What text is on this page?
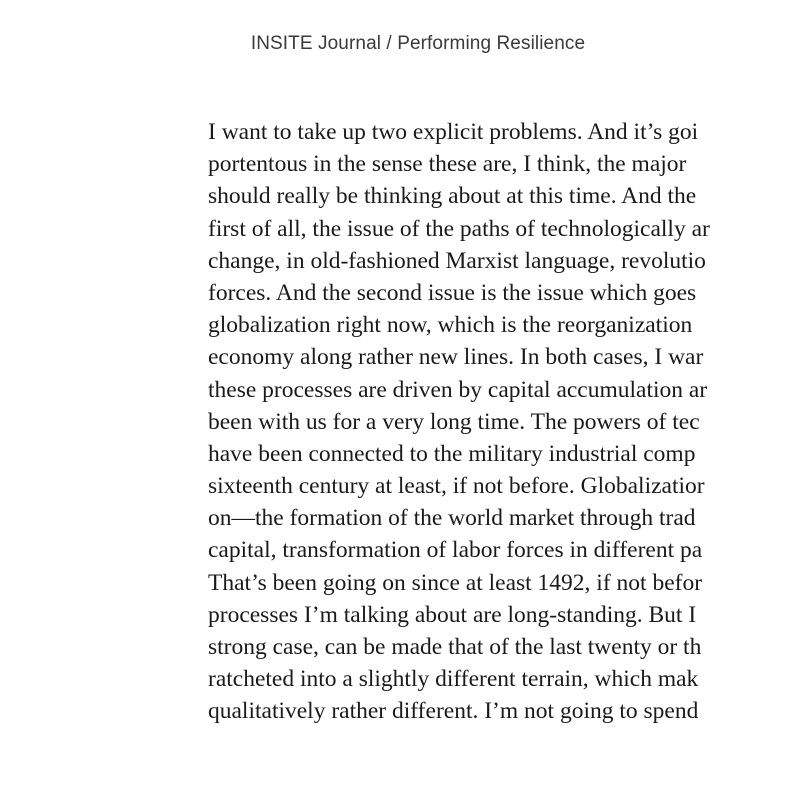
INSITE Journal / Performing Resilience
I want to take up two explicit problems. And it’s goi
portentous in the sense these are, I think, the major
should really be thinking about at this time. And the
first of all, the issue of the paths of technologically ar
change, in old-fashioned Marxist language, revolutio
forces. And the second issue is the issue which goes
globalization right now, which is the reorganization
economy along rather new lines. In both cases, I war
these processes are driven by capital accumulation ar
been with us for a very long time. The powers of tec
have been connected to the military industrial comp
sixteenth century at least, if not before. Globalizatior
on—the formation of the world market through trad
capital, transformation of labor forces in different pa
That’s been going on since at least 1492, if not befor
processes I’m talking about are long-standing. But I
strong case, can be made that of the last twenty or th
ratcheted into a slightly different terrain, which mak
qualitatively rather different. I’m not going to spend
